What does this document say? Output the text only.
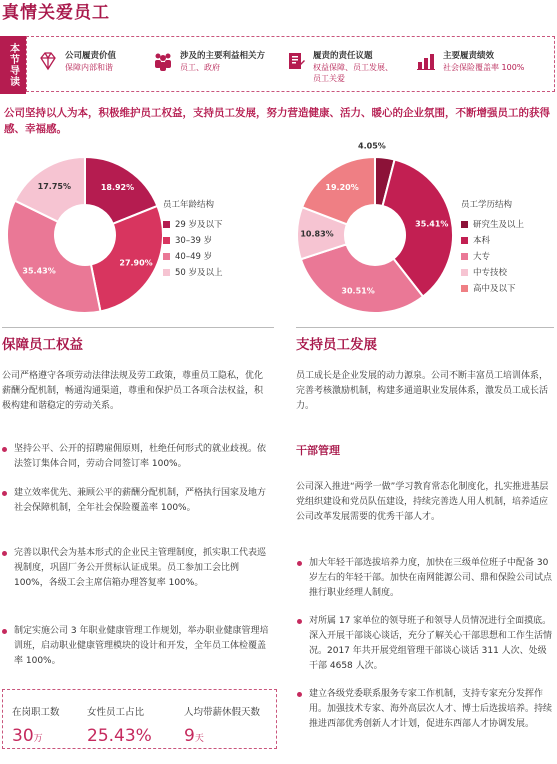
真情关爱员工
本节导读	公司履责价值
保障内部和谐
涉及的主要利益相关方
员工、政府
履责的责任议题
权益保障、员工发展、
员工关爱
主要履责绩效
社会保险覆盖率 100%
公司坚持以人为本，积极维护员工权益，支持员工发展，努力营造健康、活力、暖心的企业氛围，不断增强员工的获得感、幸福感。
18.92%
27.90%
35.43%
17.75%
员工年龄结构
29 岁及以下
30–39 岁
40–49 岁
50 岁及以上
4.05%
35.41%
30.51%
10.83%
19.20%
员工学历结构
研究生及以上
本科
大专
中专技校
高中及以下
保障员工权益
公司严格遵守各项劳动法律法规及劳工政策，尊重员工隐私，优化薪酬分配机制，畅通沟通渠道，尊重和保护员工各项合法权益，积极构建和谐稳定的劳动关系。
坚持公平、公开的招聘雇佣原则，杜绝任何形式的就业歧视。依法签订集体合同，劳动合同签订率 100%。
建立效率优先、兼顾公平的薪酬分配机制，严格执行国家及地方社会保障机制，全年社会保险覆盖率 100%。
完善以职代会为基本形式的企业民主管理制度，抓实职工代表巡视制度，巩固厂务公开贯标认证成果。员工参加工会比例 100%，各级工会主席信箱办理答复率 100%。
制定实施公司 3 年职业健康管理工作规划，举办职业健康管理培训班，启动职业健康管理模块的设计和开发，全年员工体检覆盖率 100%。
在岗职工数
30万
女性员工占比
25.43%
人均带薪休假天数
9天
支持员工发展
员工成长是企业发展的动力源泉。公司不断丰富员工培训体系，完善考核激励机制，构建多通道职业发展体系，激发员工成长活力。
干部管理
公司深入推进“两学一做”学习教育常态化制度化，扎实推进基层党组织建设和党员队伍建设，持续完善选人用人机制，培养适应公司改革发展需要的优秀干部人才。
加大年轻干部选拔培养力度，加快在三级单位班子中配备 30 岁左右的年轻干部。加快在南网能源公司、鼎和保险公司试点推行职业经理人制度。
对所属 17 家单位的领导班子和领导人员情况进行全面摸底。深入开展干部谈心谈话，充分了解关心干部思想和工作生活情况。2017 年共开展党组管理干部谈心谈话 311 人次、处级干部 4658 人次。
建立各级党委联系服务专家工作机制，支持专家充分发挥作用。加强技术专家、海外高层次人才、博士后选拔培养。持续推进西部优秀创新人才计划，促进东西部人才协调发展。
